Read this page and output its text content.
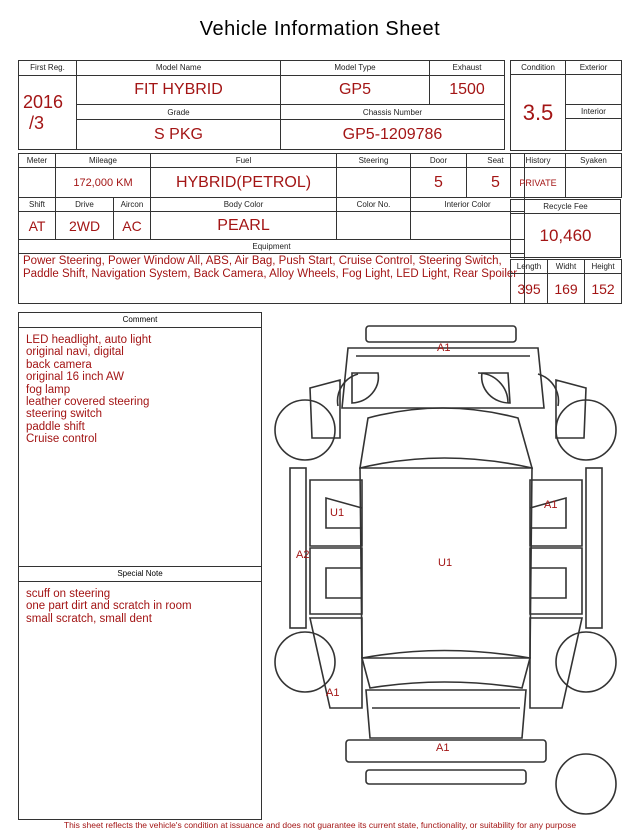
Vehicle Information Sheet
First Reg.	Model Name	Model Type	Exhaust

2016
/3	FIT HYBRID	GP5	1500
	Grade	Chassis Number	
	S PKG	GP5-1209786	
Condition	Exterior
3.5	
	Interior

Meter	Mileage		Fuel	Steering	Door	Seat
	172,000 KM		HYBRID(PETROL)		5	5
Shift	Drive	Aircon	Body Color	Color No.	Interior Color	
AT	2WD	AC	PEARL			
Equipment						
Power Steering, Power Window All, ABS, Air Bag, Push Start, Cruise Control, Steering Switch, Paddle Shift, Navigation System, Back Camera, Alloy Wheels, Fog Light, LED Light, Rear Spoiler						
History	Syaken
PRIVATE	
Recycle Fee
10,460
Length	Widht	Height
395	169	152
Comment
LED headlight, auto light
original navi, digital
back camera
original 16 inch AW
fog lamp
leather covered steering
steering switch
paddle shift
Cruise control
Special Note
scuff on steering
one part dirt and scratch in room
small scratch, small dent
A1
U1
A1
A2
U1
A1
A1
This sheet reflects the vehicle's condition at issuance and does not guarantee its current state, functionality, or suitability for any purpose
